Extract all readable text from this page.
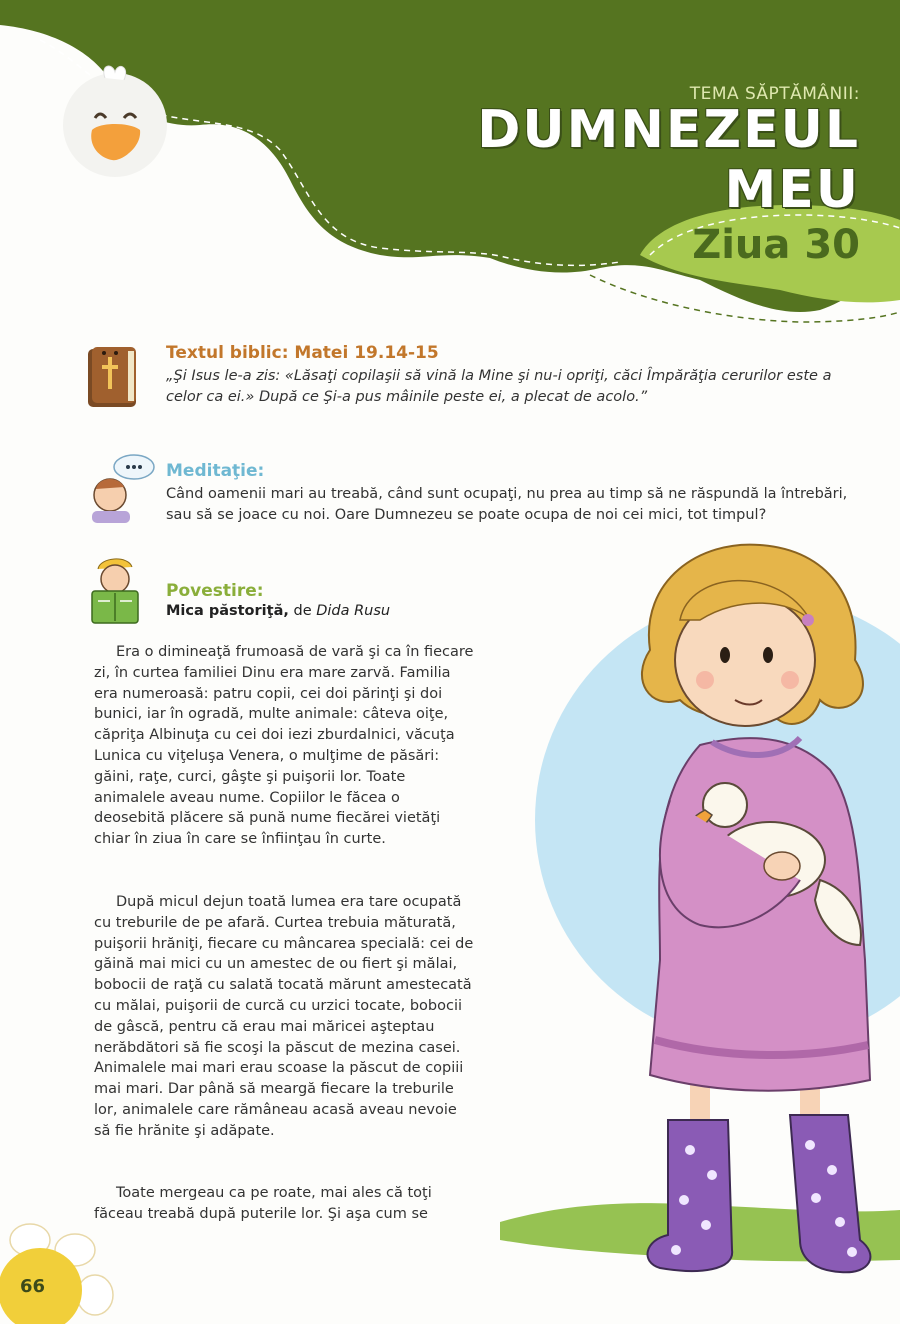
TEMA SĂPTĂMÂNII:
DUMNEZEUL MEU
Ziua 30
Textul biblic: Matei 19.14-15
„Şi Isus le-a zis: «Lăsaţi copilaşii să vină la Mine şi nu-i opriţi, căci Împărăţia cerurilor este a celor ca ei.» După ce Şi-a pus mâinile peste ei, a plecat de acolo.”
Meditaţie:
Când oamenii mari au treabă, când sunt ocupaţi, nu prea au timp să ne răspundă la întrebări, sau să se joace cu noi. Oare Dumnezeu se poate ocupa de noi cei mici, tot timpul?
Povestire:
Mica păstoriţă, de Dida Rusu

Era o dimineaţă frumoasă de vară şi ca în fiecare zi, în curtea familiei Dinu era mare zarvă. Familia era numeroasă: patru copii, cei doi părinţi şi doi bunici, iar în ogradă, multe animale: câteva oiţe, căpriţa Albinuţa cu cei doi iezi zburdalnici, văcuţa Lunica cu viţeluşa Venera, o mulţime de păsări: găini, raţe, curci, gâşte şi puişorii lor. Toate animalele aveau nume. Copiilor le făcea o deosebită plăcere să pună nume fiecărei vietăţi chiar în ziua în care se înfiinţau în curte.

După micul dejun toată lumea era tare ocupată cu treburile de pe afară. Curtea trebuia măturată, puişorii hrăniţi, fiecare cu mâncarea specială: cei de găină mai mici cu un amestec de ou fiert şi mălai, bobocii de raţă cu salată tocată mărunt amestecată cu mălai, puişorii de curcă cu urzici tocate, bobocii de gâscă, pentru că erau mai măricei aşteptau nerăbdători să fie scoşi la păscut de mezina casei. Animalele mai mari erau scoase la păscut de copiii mai mari. Dar până să meargă fiecare la treburile lor, animalele care rămâneau acasă aveau nevoie să fie hrănite şi adăpate.

Toate mergeau ca pe roate, mai ales că toţi făceau treabă după puterile lor. Şi aşa cum se

66
